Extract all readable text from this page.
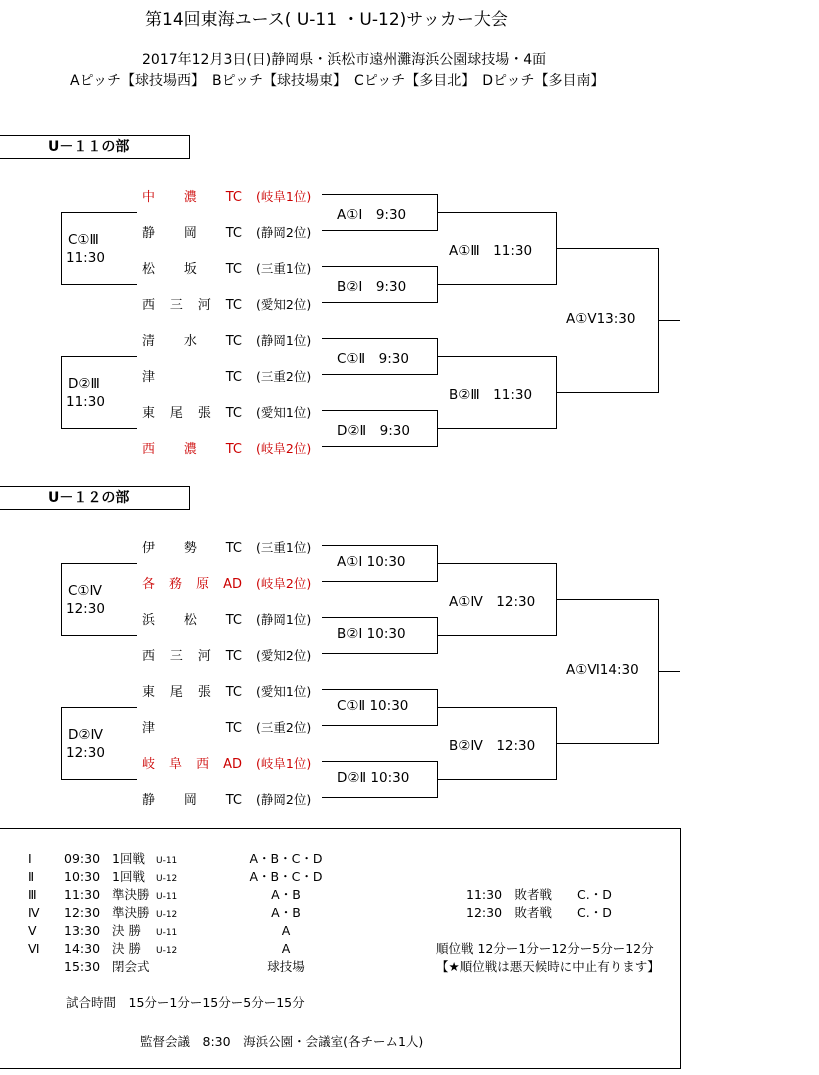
第14回東海ユース( U-11 ・U-12)サッカー大会
2017年12月3日(日)静岡県・浜松市遠州灘海浜公園球技場・4面
Aピッチ【球技場西】　Bピッチ【球技場東】　Cピッチ【多目北】　Dピッチ【多目南】
U－１１の部
中濃TC (岐阜1位)
静岡TC (静岡2位)
松坂TC (三重1位)
西三河TC (愛知2位)
清水TC (静岡1位)
津TC (三重2位)
東尾張TC (愛知1位)
西濃TC (岐阜2位)
C①Ⅲ
11:30
D②Ⅲ
11:30
A①Ⅰ　9:30
B②Ⅰ　9:30
C①Ⅱ　9:30
D②Ⅱ　9:30
A①Ⅲ　11:30
B②Ⅲ　11:30
A①Ⅴ13:30
U－１２の部
伊勢TC (三重1位)
各務原AD (岐阜2位)
浜松TC (静岡1位)
西三河TC (愛知2位)
東尾張TC (愛知1位)
津TC (三重2位)
岐阜西AD (岐阜1位)
静岡TC (静岡2位)
C①Ⅳ
12:30
D②Ⅳ
12:30
A①Ⅰ 10:30
B②Ⅰ 10:30
C①Ⅱ 10:30
D②Ⅱ 10:30
A①Ⅳ　12:30
B②Ⅳ　12:30
A①Ⅵ14:30
Ⅰ	09:30 1回戦 U-11	A・B・C・D
Ⅱ 10:30 1回戦 U-12	A・B・C・D
Ⅲ 11:30 準決勝 U-11	A・B	11:30　敗者戦　　C.・D
Ⅳ 12:30 準決勝 U-12	A・B	12:30　敗者戦　　C.・D
Ⅴ 13:30 決 勝 U-11	A
Ⅵ 14:30 決 勝 U-12	A	順位戦 12分ー1分ー12分ー5分ー12分
15:30 閉会式	球技場	【★順位戦は悪天候時に中止有ります】
試合時間　15分ー1分ー15分ー5分ー15分
監督会議　8:30　海浜公園・会議室(各チーム1人)
